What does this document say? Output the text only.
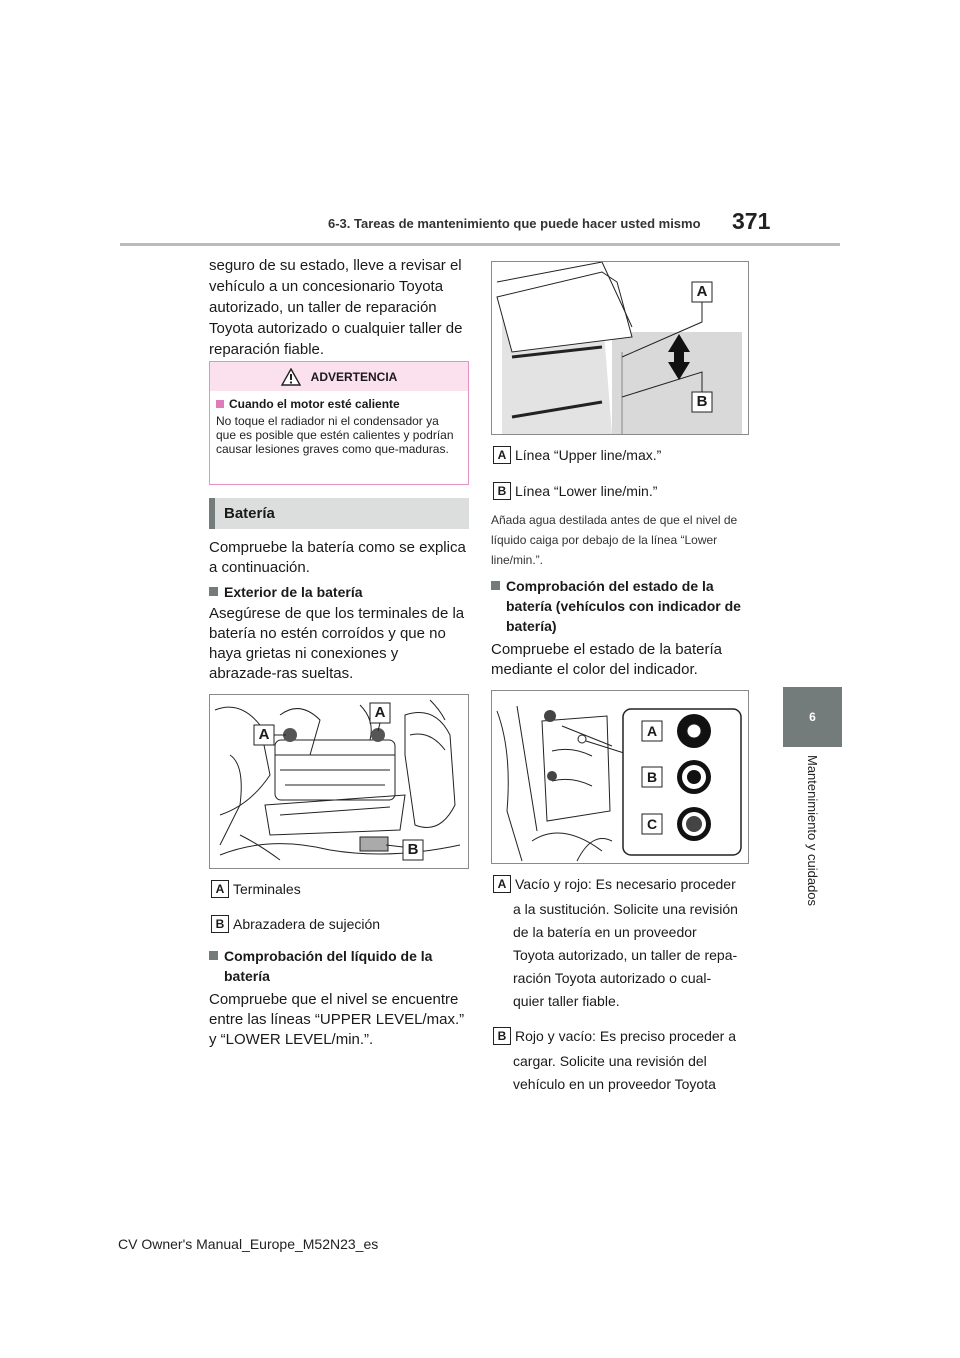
6-3. Tareas de mantenimiento que puede hacer usted mismo 371
6
Mantenimiento y cuidados

seguro de su estado, lleve a revisar el vehículo a un concesionario Toyota autorizado, un taller de reparación Toyota autorizado o cualquier taller de reparación fiable.

ADVERTENCIA
Cuando el motor esté caliente
No toque el radiador ni el condensador ya que es posible que estén calientes y podrían causar lesiones graves como que-maduras.
Batería

Compruebe la batería como se explica a continuación.

Exterior de la batería

Asegúrese de que los terminales de la batería no estén corroídos y que no haya grietas ni conexiones y abrazade-ras sueltas.

A
A
B
A Terminales
B Abrazadera de sujeción
Comprobación del líquido de la batería

Compruebe que el nivel se encuentre entre las líneas “UPPER LEVEL/max.” y “LOWER LEVEL/min.”.

A
B
A Línea “Upper line/max.”
B Línea “Lower line/min.”

Añada agua destilada antes de que el nivel de líquido caiga por debajo de la línea “Lower line/min.”.

Comprobación del estado de la batería (vehículos con indicador de batería)

Compruebe el estado de la batería mediante el color del indicador.

A
B
C
A Vacío y rojo: Es necesario proceder
a la sustitución. Solicite una revisión
de la batería en un proveedor
Toyota autorizado, un taller de repa-
ración Toyota autorizado o cual-
quier taller fiable.
B Rojo y vacío: Es preciso proceder a
cargar. Solicite una revisión del
vehículo en un proveedor Toyota
CV Owner's Manual_Europe_M52N23_es
